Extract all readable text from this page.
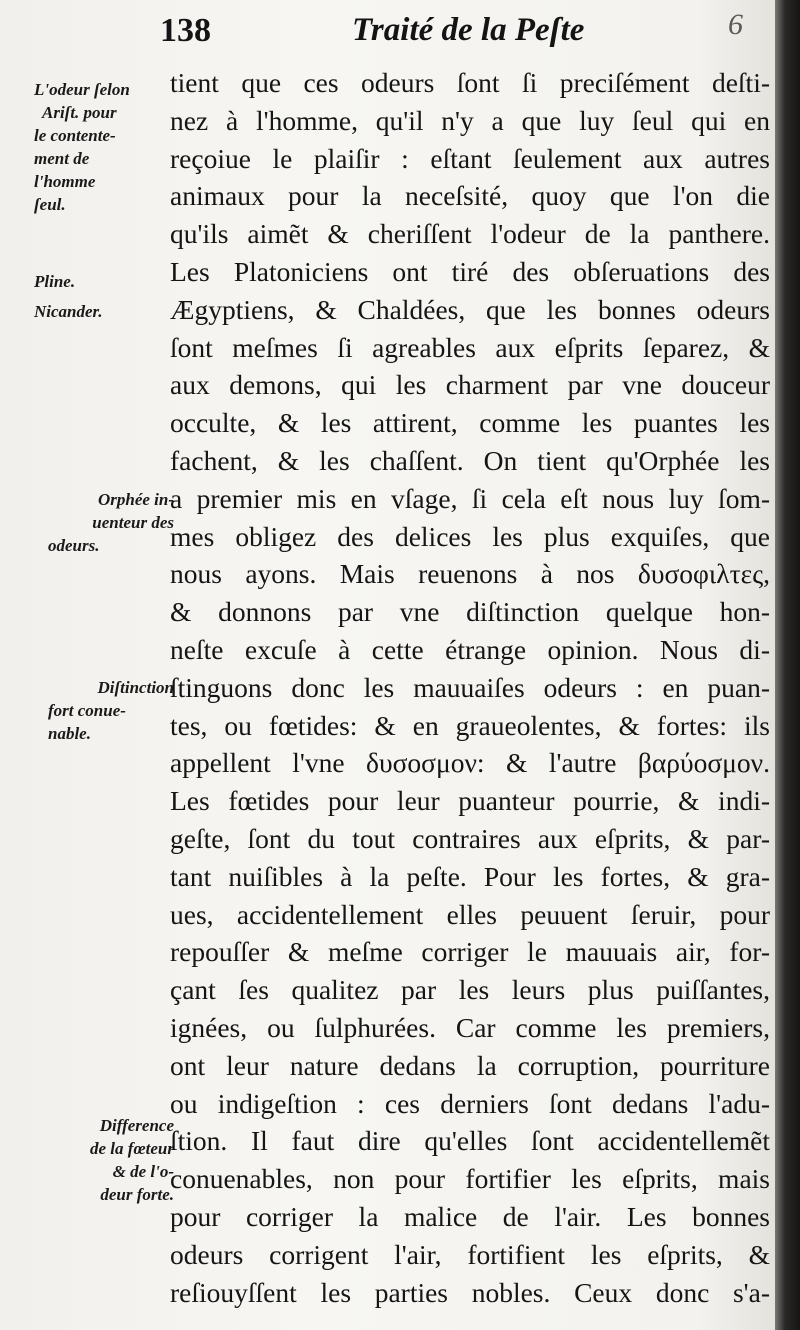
138	Traité de la Peſte	6
L'odeur ſelon
Ariſt. pour
le contente-
ment de
l'homme
ſeul.
Pline.
Nicander.
Orphée in-
uenteur des
odeurs.
Diſtinction
fort conue-
nable.
Difference
de la fœteur
& de l'o-
deur forte.
tient que ces odeurs ſont ſi preciſément deſti-
nez à l'homme, qu'il n'y a que luy ſeul qui en
reçoiue le plaiſir : eſtant ſeulement aux autres
animaux pour la neceſsité, quoy que l'on die
qu'ils aimẽt & cheriſſent l'odeur de la panthere.
Les Platoniciens ont tiré des obſeruations des
Ægyptiens, & Chaldées, que les bonnes odeurs
ſont meſmes ſi agreables aux eſprits ſeparez, &
aux demons, qui les charment par vne douceur
occulte, & les attirent, comme les puantes les
fachent, & les chaſſent. On tient qu'Orphée les
a premier mis en vſage, ſi cela eſt nous luy ſom-
mes obligez des delices les plus exquiſes, que
nous ayons. Mais reuenons à nos δυσοφιλτες,
& donnons par vne diſtinction quelque hon-
neſte excuſe à cette étrange opinion. Nous di-
ſtinguons donc les mauuaiſes odeurs : en puan-
tes, ou fœtides: & en graueolentes, & fortes: ils
appellent l'vne δυσοσμον: & l'autre βαρύοσμον.
Les fœtides pour leur puanteur pourrie, & indi-
geſte, ſont du tout contraires aux eſprits, & par-
tant nuiſibles à la peſte. Pour les fortes, & gra-
ues, accidentellement elles peuuent ſeruir, pour
repouſſer & meſme corriger le mauuais air, for-
çant ſes qualitez par les leurs plus puiſſantes,
ignées, ou ſulphurées. Car comme les premiers,
ont leur nature dedans la corruption, pourriture
ou indigeſtion : ces derniers ſont dedans l'adu-
ſtion. Il faut dire qu'elles ſont accidentellemẽt
conuenables, non pour fortifier les eſprits, mais
pour corriger la malice de l'air. Les bonnes
odeurs corrigent l'air, fortifient les eſprits, &
reſiouyſſent les parties nobles. Ceux donc s'a-
